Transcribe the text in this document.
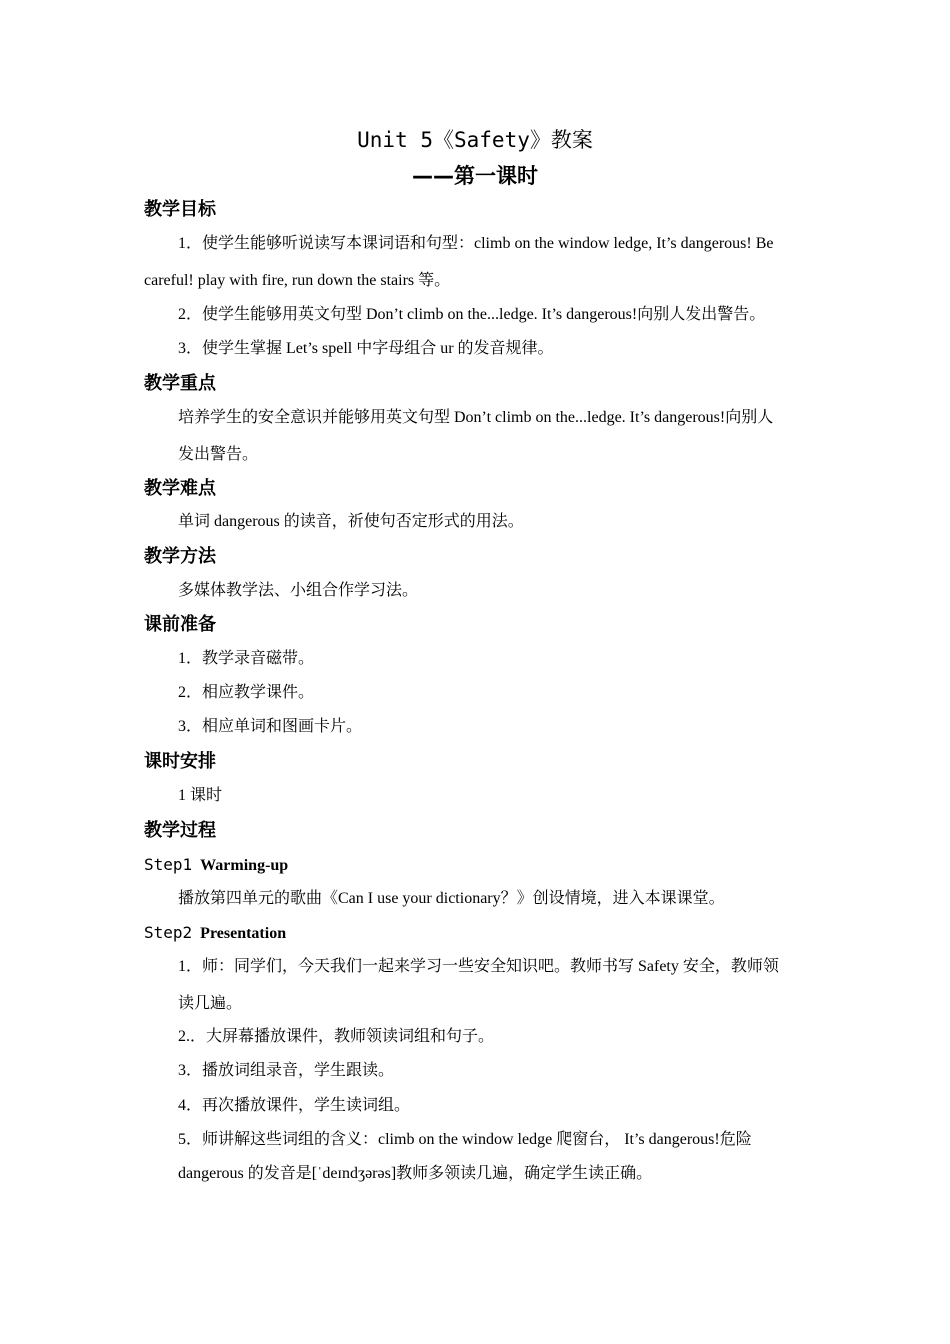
Unit 5《Safety》教案
——第一课时
教学目标
1．使学生能够听说读写本课词语和句型：climb on the window ledge, It’s dangerous! Be
careful! play with fire, run down the stairs 等。
2．使学生能够用英文句型 Don’t climb on the...ledge. It’s dangerous!向别人发出警告。
3．使学生掌握 Let’s spell 中字母组合 ur 的发音规律。
教学重点
培养学生的安全意识并能够用英文句型 Don’t climb on the...ledge. It’s dangerous!向别人
发出警告。
教学难点
单词 dangerous 的读音，祈使句否定形式的用法。
教学方法
多媒体教学法、小组合作学习法。
课前准备
1．教学录音磁带。
2．相应教学课件。
3．相应单词和图画卡片。
课时安排
1 课时
教学过程
Step1 Warming-up
播放第四单元的歌曲《Can I use your dictionary？》创设情境，进入本课课堂。
Step2 Presentation
1．师：同学们，今天我们一起来学习一些安全知识吧。教师书写 Safety 安全，教师领
读几遍。
2.．大屏幕播放课件，教师领读词组和句子。
3．播放词组录音，学生跟读。
4．再次播放课件，学生读词组。
5．师讲解这些词组的含义：climb on the window ledge 爬窗台， It’s dangerous!危险
dangerous 的发音是[ˈdeɪndʒərəs]教师多领读几遍，确定学生读正确。
